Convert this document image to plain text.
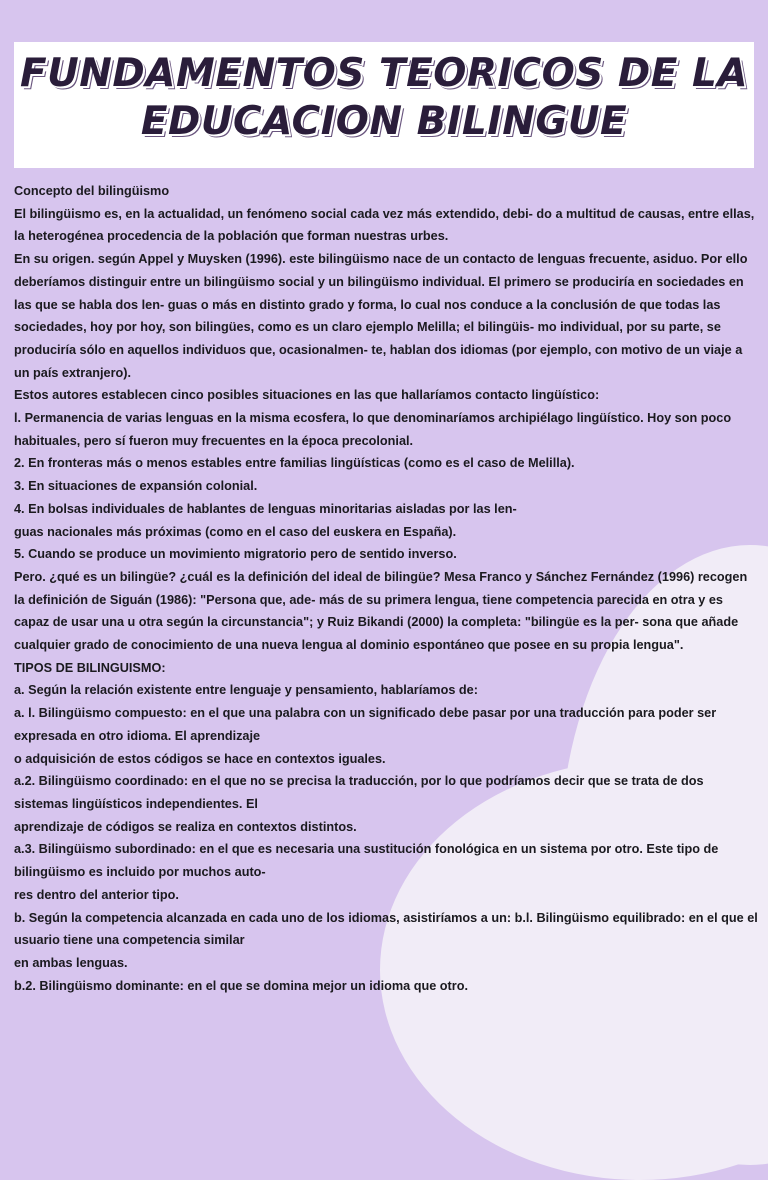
FUNDAMENTOS TEORICOS DE LA
EDUCACION BILINGUE

Concepto del bilingüismo

El bilingüismo es, en la actualidad, un fenómeno social cada vez más extendido, debi- do a multitud de causas, entre ellas, la heterogénea procedencia de la población que forman nuestras urbes.

En su origen. según Appel y Muysken (1996). este bilingüismo nace de un contacto de lenguas frecuente, asiduo. Por ello deberíamos distinguir entre un bilingüismo social y un bilingüismo individual. El primero se produciría en sociedades en las que se habla dos len- guas o más en distinto grado y forma, lo cual nos conduce a la conclusión de que todas las sociedades, hoy por hoy, son bilingües, como es un claro ejemplo Melilla; el bilingüis- mo individual, por su parte, se produciría sólo en aquellos individuos que, ocasionalmen- te, hablan dos idiomas (por ejemplo, con motivo de un viaje a un país extranjero).

Estos autores establecen cinco posibles situaciones en las que hallaríamos contacto lingüístico:

l. Permanencia de varias lenguas en la misma ecosfera, lo que denominaríamos archipiélago lingüístico. Hoy son poco habituales, pero sí fueron muy frecuentes en la época precolonial.

2. En fronteras más o menos estables entre familias lingüísticas (como es el caso de Melilla).

3. En situaciones de expansión colonial.

4. En bolsas individuales de hablantes de lenguas minoritarias aisladas por las len-

guas nacionales más próximas (como en el caso del euskera en España).

5. Cuando se produce un movimiento migratorio pero de sentido inverso.

Pero. ¿qué es un bilingüe? ¿cuál es la definición del ideal de bilingüe? Mesa Franco y Sánchez Fernández (1996) recogen la definición de Siguán (1986): "Persona que, ade- más de su primera lengua, tiene competencia parecida en otra y es capaz de usar una u otra según la circunstancia"; y Ruiz Bikandi (2000) la completa: "bilingüe es la per- sona que añade cualquier grado de conocimiento de una nueva lengua al dominio espontáneo que posee en su propia lengua".

TIPOS DE BILINGUISMO:

a. Según la relación existente entre lenguaje y pensamiento, hablaríamos de:

a. l. Bilingüismo compuesto: en el que una palabra con un significado debe pasar por una traducción para poder ser expresada en otro idioma. El aprendizaje

o adquisición de estos códigos se hace en contextos iguales.

a.2. Bilingüismo coordinado: en el que no se precisa la traducción, por lo que podríamos decir que se trata de dos sistemas lingüísticos independientes. El

aprendizaje de códigos se realiza en contextos distintos.

a.3. Bilingüismo subordinado: en el que es necesaria una sustitución fonológica en un sistema por otro. Este tipo de bilingüismo es incluido por muchos auto-

res dentro del anterior tipo.

b. Según la competencia alcanzada en cada uno de los idiomas, asistiríamos a un: b.l. Bilingüismo equilibrado: en el que el usuario tiene una competencia similar

en ambas lenguas.

b.2. Bilingüismo dominante: en el que se domina mejor un idioma que otro.
